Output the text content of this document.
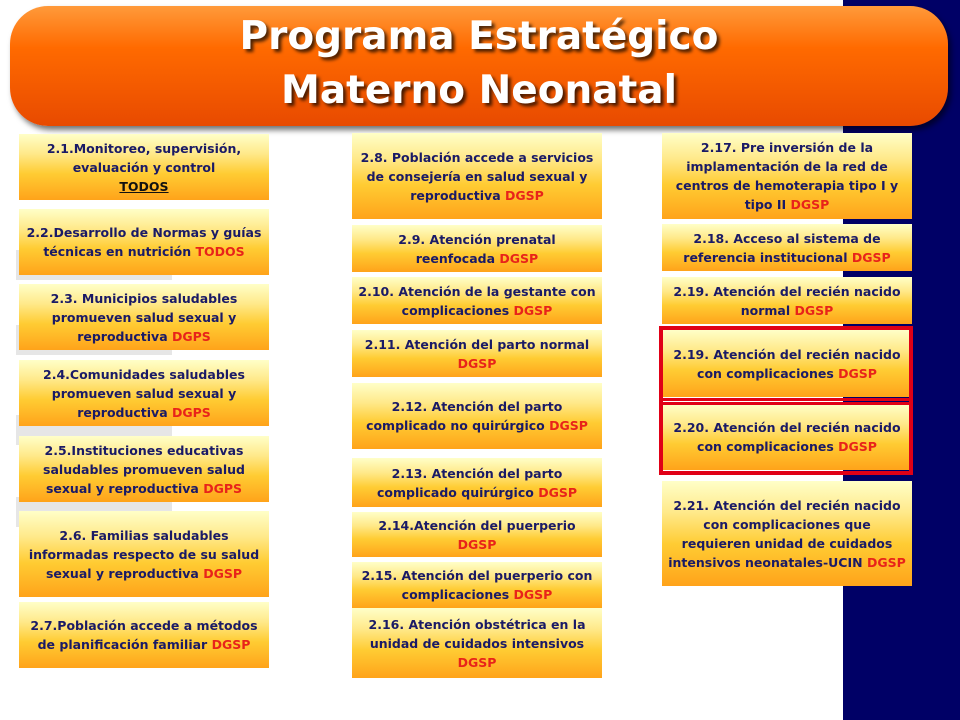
Programa Estratégico
Materno Neonatal
2.1.Monitoreo, supervisión, evaluación y control
TODOS
2.2.Desarrollo de Normas y guías técnicas en nutrición TODOS
2.3. Municipios saludables promueven salud sexual y reproductiva DGPS
2.4.Comunidades saludables promueven salud sexual y reproductiva DGPS
2.5.Instituciones educativas saludables promueven salud sexual y reproductiva DGPS
2.6. Familias saludables informadas respecto de su salud sexual y reproductiva DGSP
2.7.Población accede a métodos de planificación familiar DGSP
2.8. Población accede a servicios de consejería en salud sexual y reproductiva DGSP
2.9. Atención prenatal reenfocada DGSP
2.10. Atención de la gestante con complicaciones DGSP
2.11. Atención del parto normal DGSP
2.12. Atención del parto complicado no quirúrgico DGSP
2.13. Atención del parto complicado quirúrgico DGSP
2.14.Atención del puerperio DGSP
2.15. Atención del puerperio con complicaciones DGSP
2.16. Atención obstétrica en la unidad de cuidados intensivos DGSP
2.17. Pre inversión de la implamentación de la red de centros de hemoterapia tipo I y tipo II DGSP
2.18. Acceso al sistema de referencia institucional DGSP
2.19. Atención del recién nacido normal DGSP
2.19. Atención del recién nacido con complicaciones DGSP
2.20. Atención del recién nacido con complicaciones DGSP
2.21. Atención del recién nacido con complicaciones que requieren unidad de cuidados intensivos neonatales-UCIN DGSP
